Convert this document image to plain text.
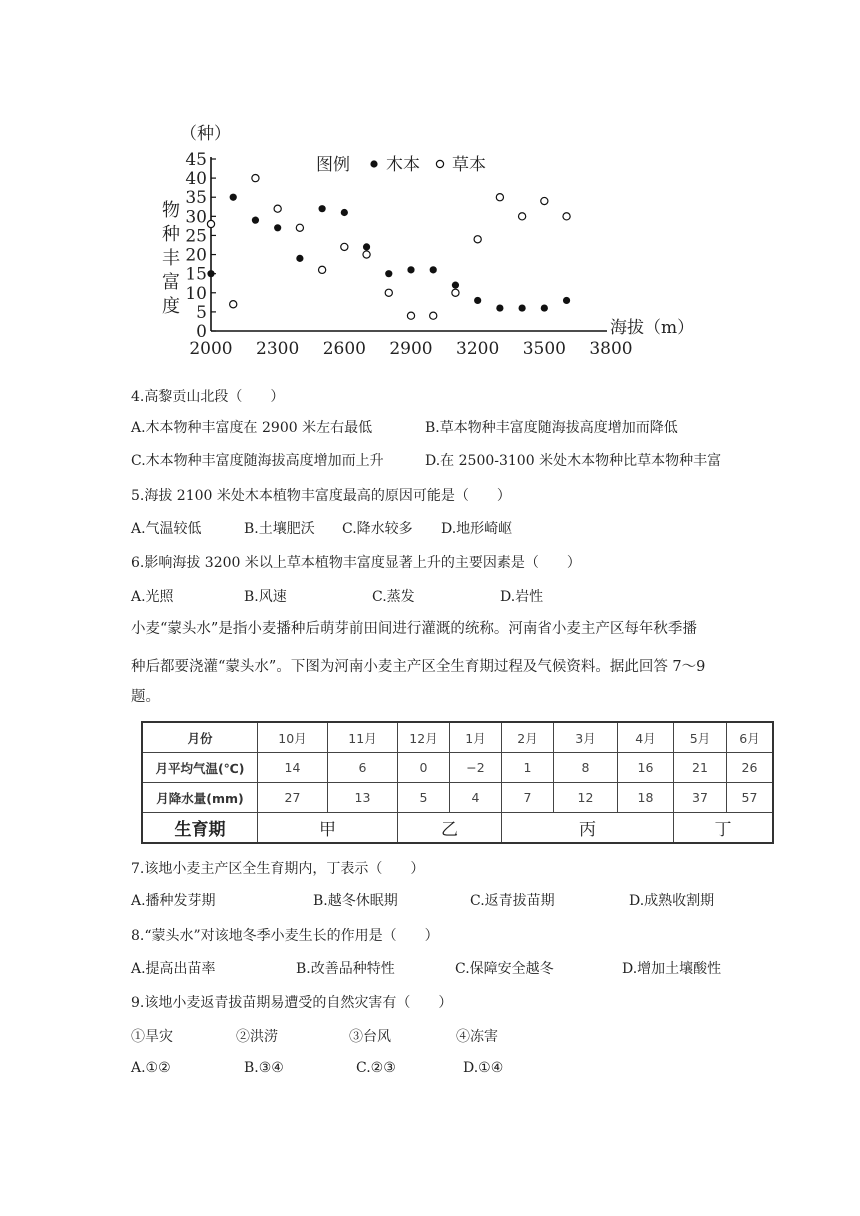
（种）
物
种
丰
富
度
0
5
10
15
20
25
30
35
40
45
2000 2300 2600 2900 3200 3500 3800
图例 木本 草本
海拔（m）
4.高黎贡山北段（　　）
A.木本物种丰富度在 2900 米左右最低	B.草本物种丰富度随海拔高度增加而降低
C.木本物种丰富度随海拔高度增加而上升	D.在 2500-3100 米处木本物种比草本物种丰富
5.海拔 2100 米处木本植物丰富度最高的原因可能是（　　）
A.气温较低	B.土壤肥沃 C.降水较多 D.地形崎岖
6.影响海拔 3200 米以上草本植物丰富度显著上升的主要因素是（　　）
A.光照	B.风速	C.蒸发	D.岩性
小麦“蒙头水”是指小麦播种后萌芽前田间进行灌溉的统称。河南省小麦主产区每年秋季播
种后都要浇灌“蒙头水”。下图为河南小麦主产区全生育期过程及气候资料。据此回答 7～9
题。
月份	10月	11月	12月	1月	2月	3月	4月	5月	6月
月平均气温(℃)	14	6	0	−2	1	8	16	21	26
月降水量(mm)	27	13	5	4	7	12	18	37	57
生育期	甲		乙		丙			丁	
7.该地小麦主产区全生育期内，丁表示（　　）
A.播种发芽期	B.越冬休眠期	C.返青拔苗期	D.成熟收割期
8.“蒙头水”对该地冬季小麦生长的作用是（　　）
A.提高出苗率	B.改善品种特性	C.保障安全越冬	D.增加土壤酸性
9.该地小麦返青拔苗期易遭受的自然灾害有（　　）
①旱灾	②洪涝	③台风	④冻害
A.①②	B.③④	C.②③	D.①④
